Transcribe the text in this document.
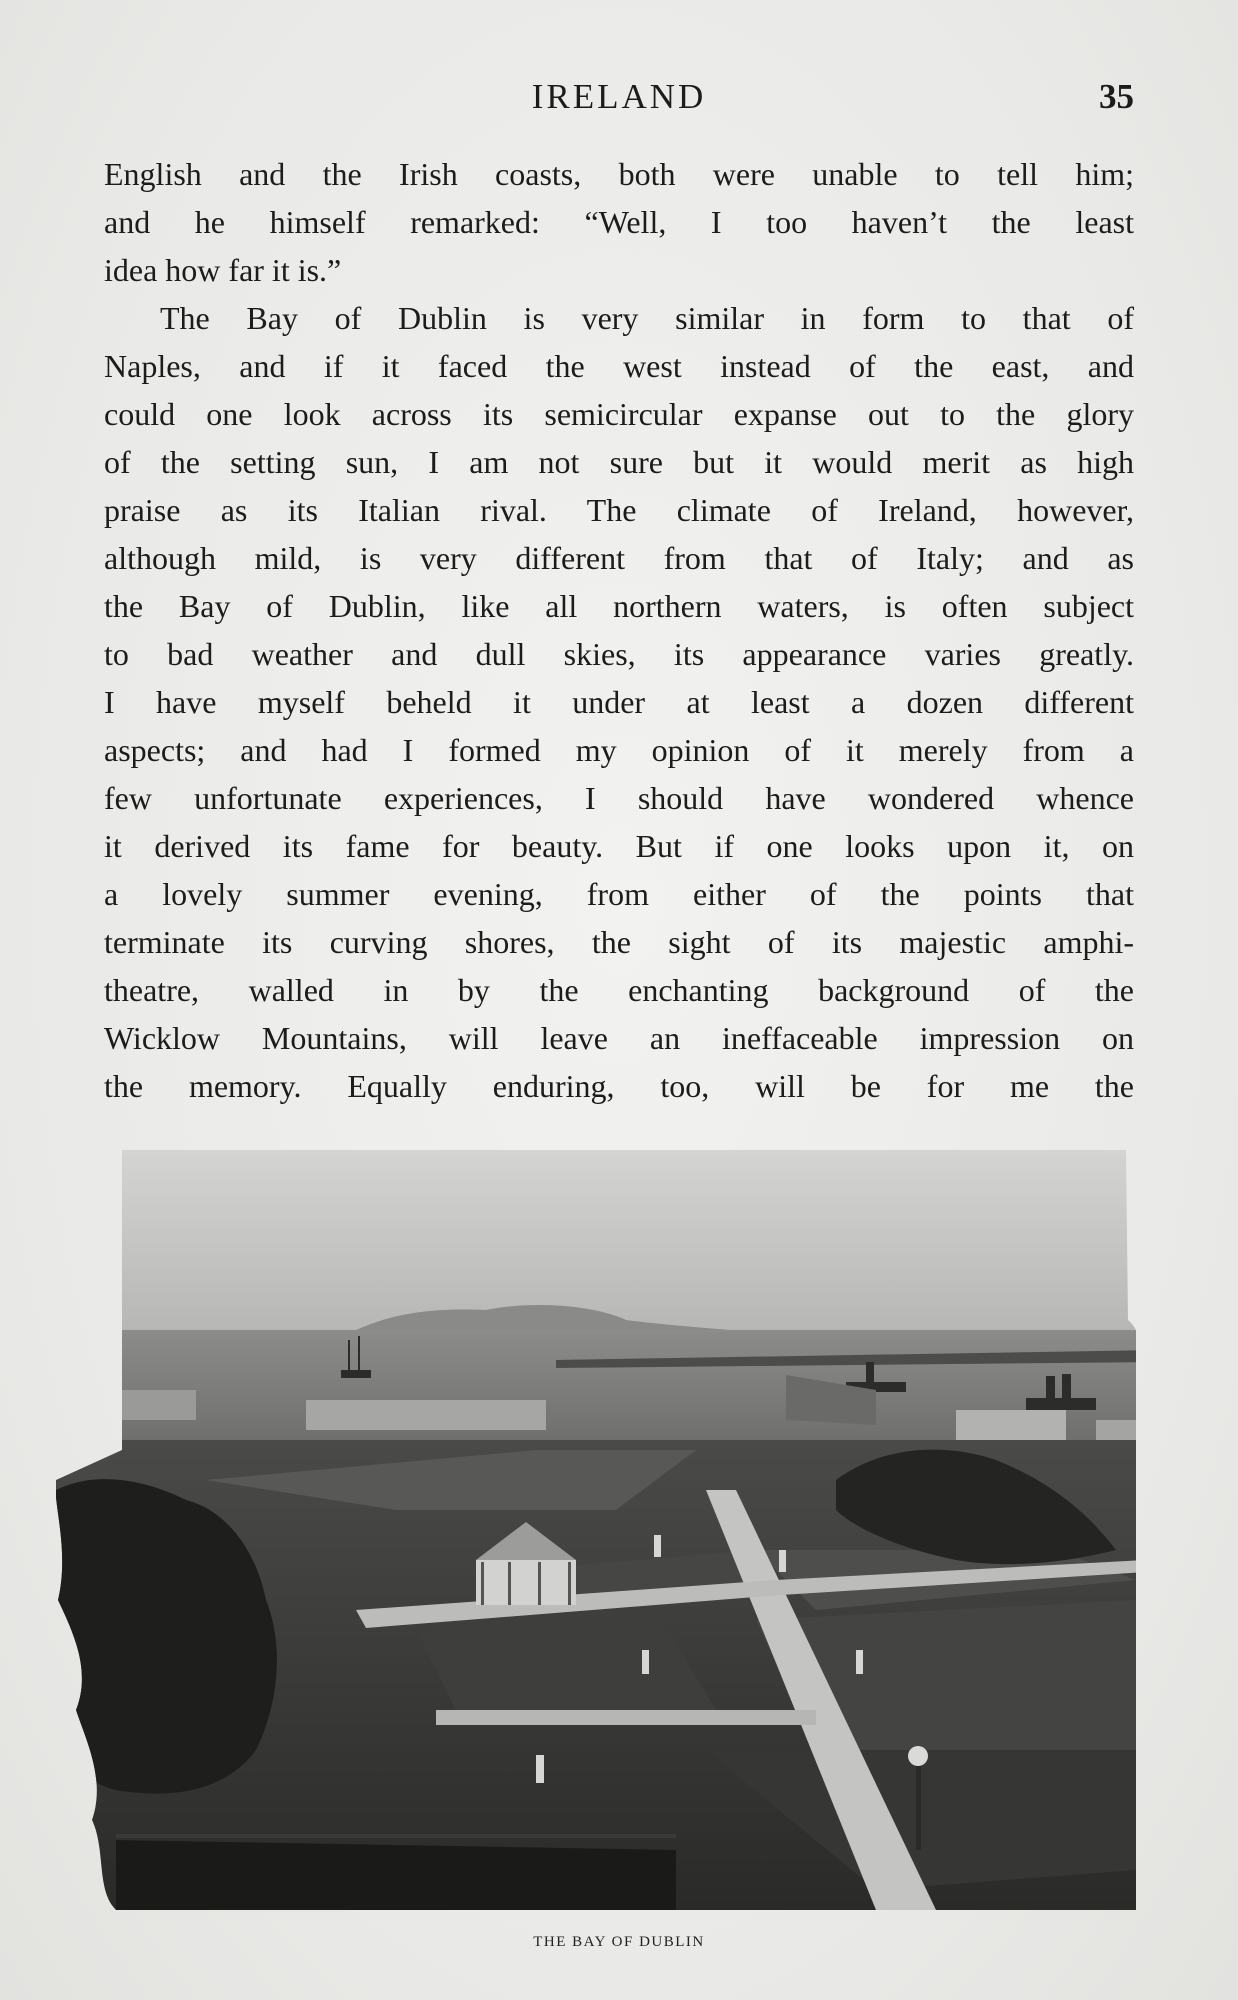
IRELAND	35
English and the Irish coasts, both were unable to tell him;
and he himself remarked: “Well, I too haven’t the least
idea how far it is.”
The Bay of Dublin is very similar in form to that of
Naples, and if it faced the west instead of the east, and
could one look across its semicircular expanse out to the glory
of the setting sun, I am not sure but it would merit as high
praise as its Italian rival. The climate of Ireland, however,
although mild, is very different from that of Italy; and as
the Bay of Dublin, like all northern waters, is often subject
to bad weather and dull skies, its appearance varies greatly.
I have myself beheld it under at least a dozen different
aspects; and had I formed my opinion of it merely from a
few unfortunate experiences, I should have wondered whence
it derived its fame for beauty. But if one looks upon it, on
a lovely summer evening, from either of the points that
terminate its curving shores, the sight of its majestic amphi-
theatre, walled in by the enchanting background of the
Wicklow Mountains, will leave an ineffaceable impression on
the memory. Equally enduring, too, will be for me the
THE BAY OF DUBLIN
